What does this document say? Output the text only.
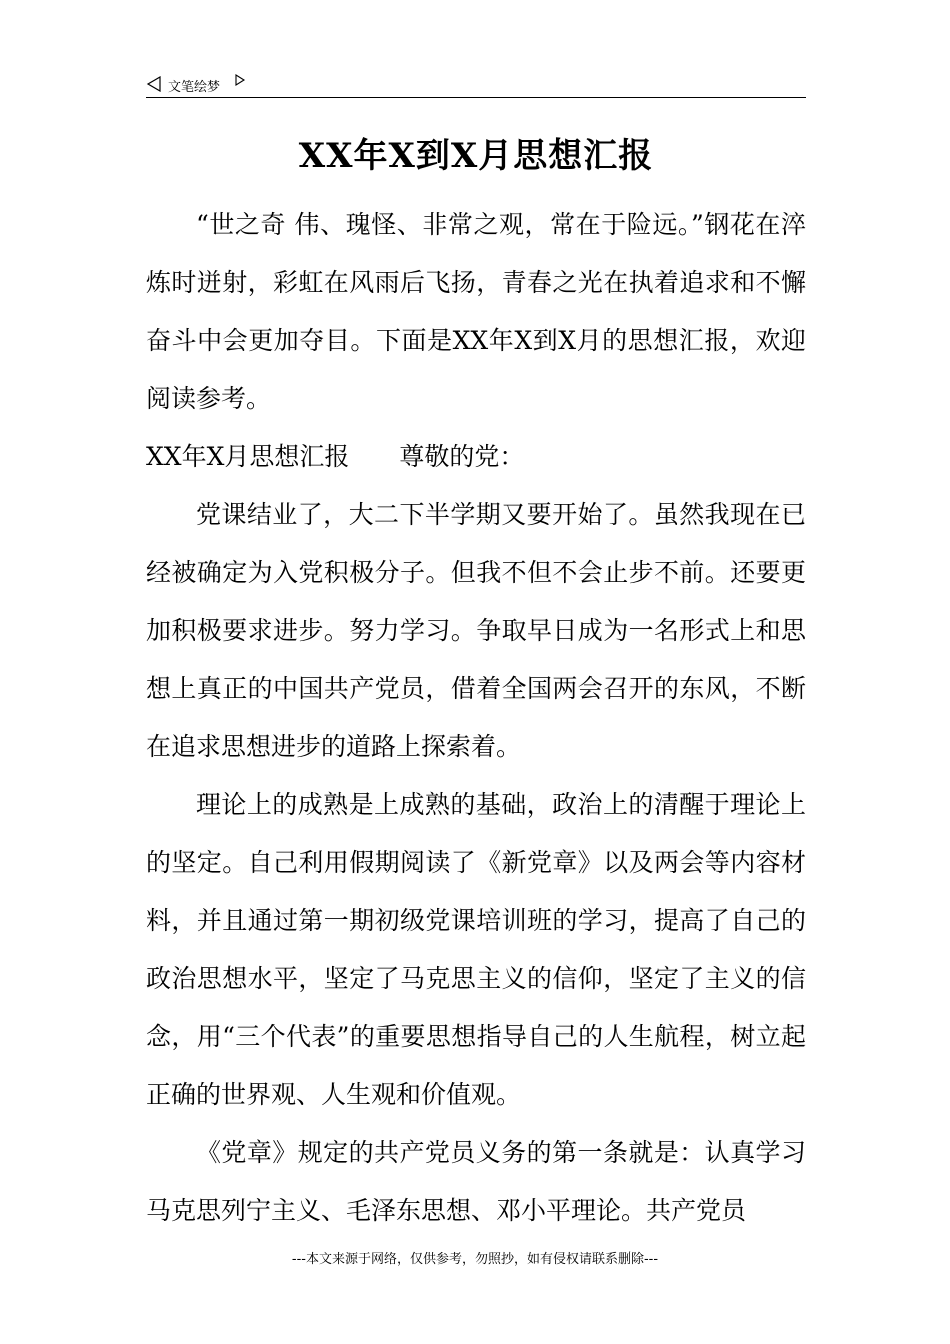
文笔绘梦
XX年X到X月思想汇报

“世之奇 伟、瑰怪、非常之观，常在于险远。”钢花在淬炼时迸射，彩虹在风雨后飞扬，青春之光在执着追求和不懈奋斗中会更加夺目。下面是XX年X到X月的思想汇报，欢迎阅读参考。

XX年X月思想汇报 尊敬的党：

党课结业了，大二下半学期又要开始了。虽然我现在已经被确定为入党积极分子。但我不但不会止步不前。还要更加积极要求进步。努力学习。争取早日成为一名形式上和思想上真正的中国共产党员，借着全国两会召开的东风，不断在追求思想进步的道路上探索着。

理论上的成熟是上成熟的基础，政治上的清醒于理论上的坚定。自己利用假期阅读了《新党章》以及两会等内容材料，并且通过第一期初级党课培训班的学习，提高了自己的政治思想水平，坚定了马克思主义的信仰，坚定了主义的信念，用“三个代表”的重要思想指导自己的人生航程，树立起正确的世界观、人生观和价值观。

《党章》规定的共产党员义务的第一条就是：认真学习马克思列宁主义、毛泽东思想、邓小平理论。共产党员

---本文来源于网络，仅供参考，勿照抄，如有侵权请联系删除---
